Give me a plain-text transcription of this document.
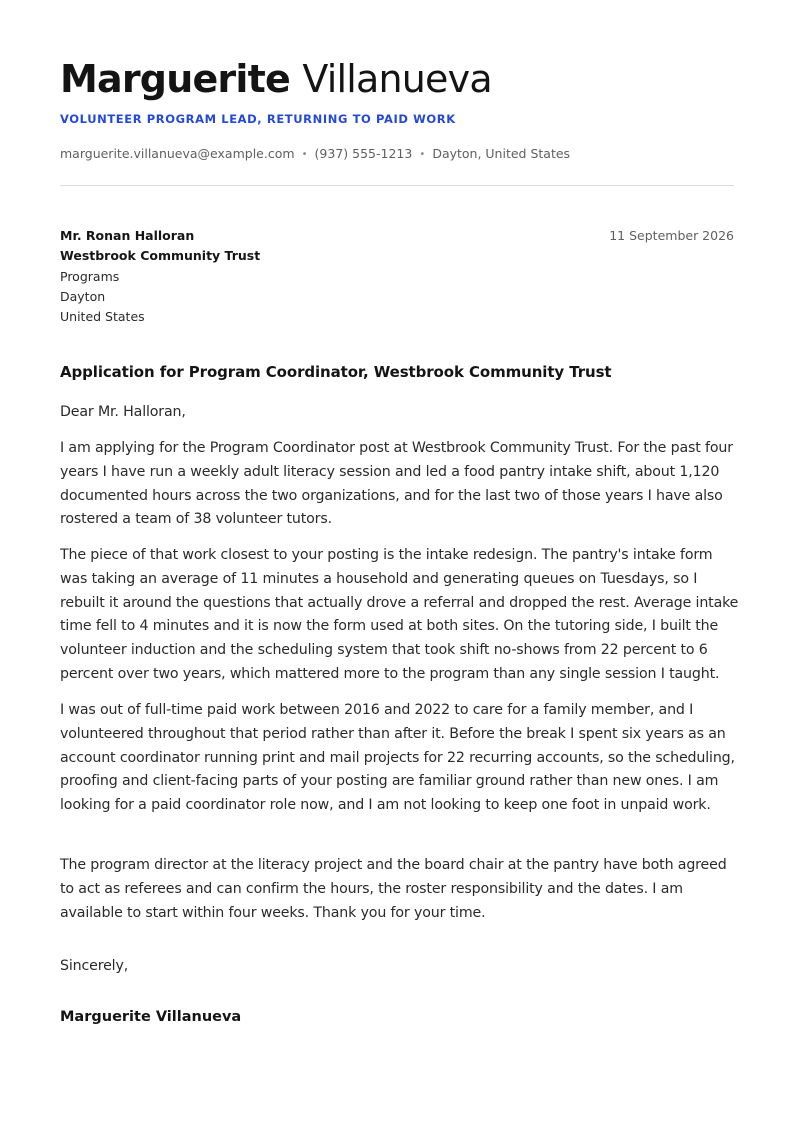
Marguerite Villanueva

VOLUNTEER PROGRAM LEAD, RETURNING TO PAID WORK

marguerite.villanueva@example.com • (937) 555-1213 • Dayton, United States
Mr. Ronan Halloran
Westbrook Community Trust
Programs
Dayton
United States
11 September 2026
Application for Program Coordinator, Westbrook Community Trust

Dear Mr. Halloran,

I am applying for the Program Coordinator post at Westbrook Community Trust. For the past four years I have run a weekly adult literacy session and led a food pantry intake shift, about 1,120 documented hours across the two organizations, and for the last two of those years I have also rostered a team of 38 volunteer tutors.

The piece of that work closest to your posting is the intake redesign. The pantry's intake form was taking an average of 11 minutes a household and generating queues on Tuesdays, so I rebuilt it around the questions that actually drove a referral and dropped the rest. Average intake time fell to 4 minutes and it is now the form used at both sites. On the tutoring side, I built the volunteer induction and the scheduling system that took shift no-shows from 22 percent to 6 percent over two years, which mattered more to the program than any single session I taught.

I was out of full-time paid work between 2016 and 2022 to care for a family member, and I volunteered throughout that period rather than after it. Before the break I spent six years as an account coordinator running print and mail projects for 22 recurring accounts, so the scheduling, proofing and client-facing parts of your posting are familiar ground rather than new ones. I am looking for a paid coordinator role now, and I am not looking to keep one foot in unpaid work.

The program director at the literacy project and the board chair at the pantry have both agreed to act as referees and can confirm the hours, the roster responsibility and the dates. I am available to start within four weeks. Thank you for your time.

Sincerely,

Marguerite Villanueva
